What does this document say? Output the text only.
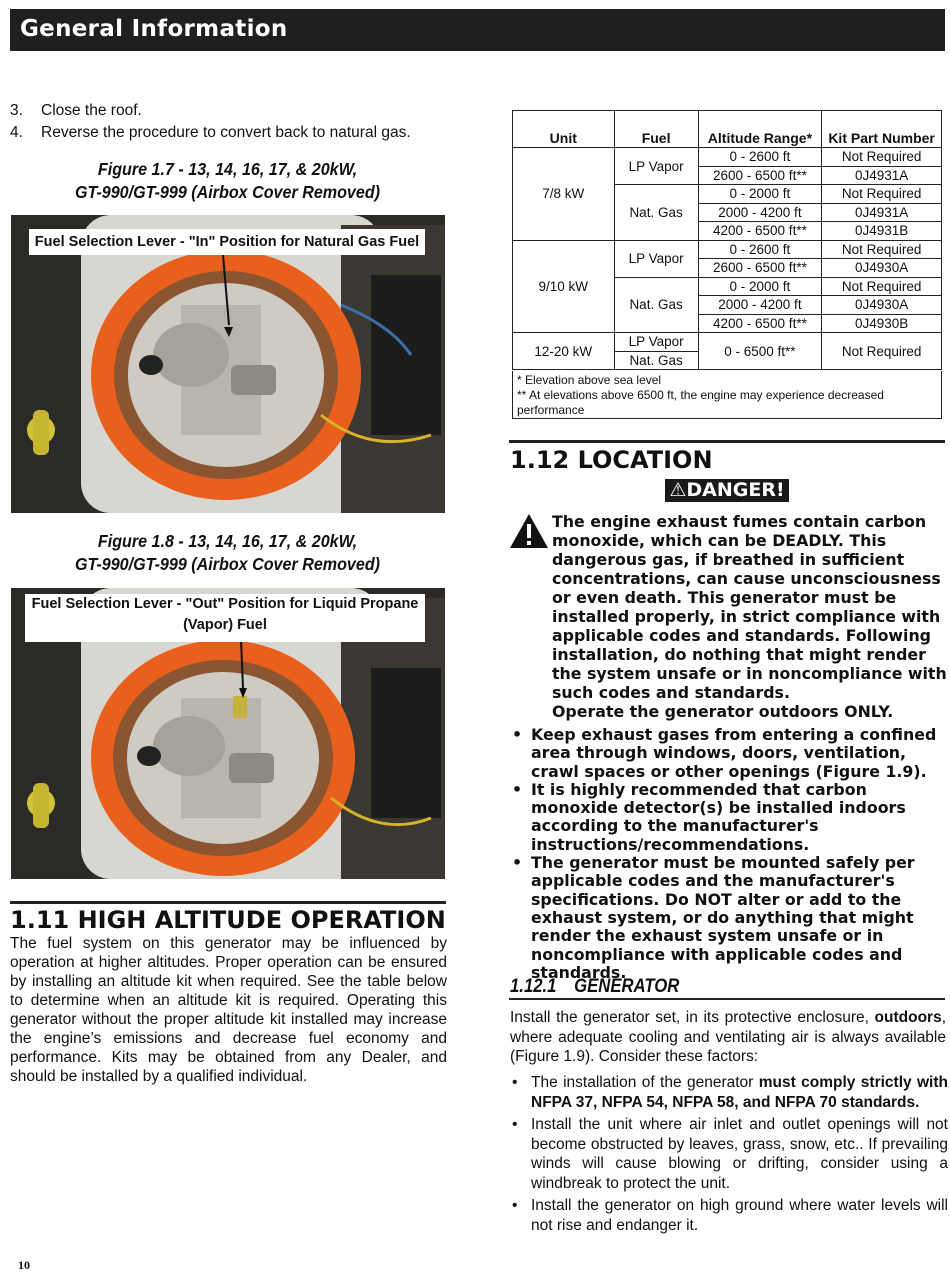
General Information
3.	Close the roof.
4.	Reverse the procedure to convert back to natural gas.
Figure 1.7 - 13, 14, 16, 17, & 20kW,
GT-990/GT-999 (Airbox Cover Removed)
Fuel Selection Lever - "In" Position for Natural Gas Fuel
Figure 1.8 - 13, 14, 16, 17, & 20kW,
GT-990/GT-999 (Airbox Cover Removed)
Fuel Selection Lever - "Out" Position for Liquid Propane (Vapor) Fuel
1.11 HIGH ALTITUDE OPERATION
The fuel system on this generator may be influenced by operation at higher altitudes. Proper operation can be ensured by installing an altitude kit when required. See the table below to determine when an altitude kit is required. Operating this generator without the proper altitude kit installed may increase the engine’s emissions and decrease fuel economy and performance. Kits may be obtained from any Dealer, and should be installed by a qualified individual.
Unit	Fuel	Altitude Range*	Kit Part Number
7/8 kW	LP Vapor	0 - 2600 ft	Not Required
		2600 - 6500 ft**	0J4931A
	Nat. Gas	0 - 2000 ft	Not Required
		2000 - 4200 ft	0J4931A
		4200 - 6500 ft**	0J4931B
9/10 kW	LP Vapor	0 - 2600 ft	Not Required
		2600 - 6500 ft**	0J4930A
	Nat. Gas	0 - 2000 ft	Not Required
		2000 - 4200 ft	0J4930A
		4200 - 6500 ft**	0J4930B
12-20 kW	LP Vapor	0 - 6500 ft**	Not Required
	Nat. Gas		
* Elevation above sea level
** At elevations above 6500 ft, the engine may experience decreased performance
1.12 LOCATION
⚠DANGER!
The engine exhaust fumes contain carbon monoxide, which can be DEADLY. This dangerous gas, if breathed in sufficient concentrations, can cause unconsciousness or even death. This generator must be installed properly, in strict compliance with applicable codes and standards. Following installation, do nothing that might render the system unsafe or in noncompliance with such codes and standards.
Operate the generator outdoors ONLY.
• Keep exhaust gases from entering a confined area through windows, doors, ventilation, crawl spaces or other openings (Figure 1.9).
• It is highly recommended that carbon monoxide detector(s) be installed indoors according to the manufacturer's instructions/recommendations.
• The generator must be mounted safely per applicable codes and the manufacturer's specifications. Do NOT alter or add to the exhaust system, or do anything that might render the exhaust system unsafe or in noncompliance with applicable codes and standards.
1.12.1 GENERATOR
Install the generator set, in its protective enclosure, outdoors, where adequate cooling and ventilating air is always available (Figure 1.9). Consider these factors:
• The installation of the generator must comply strictly with NFPA 37, NFPA 54, NFPA 58, and NFPA 70 standards.
• Install the unit where air inlet and outlet openings will not become obstructed by leaves, grass, snow, etc.. If prevailing winds will cause blowing or drifting, consider using a windbreak to protect the unit.
• Install the generator on high ground where water levels will not rise and endanger it.
10
